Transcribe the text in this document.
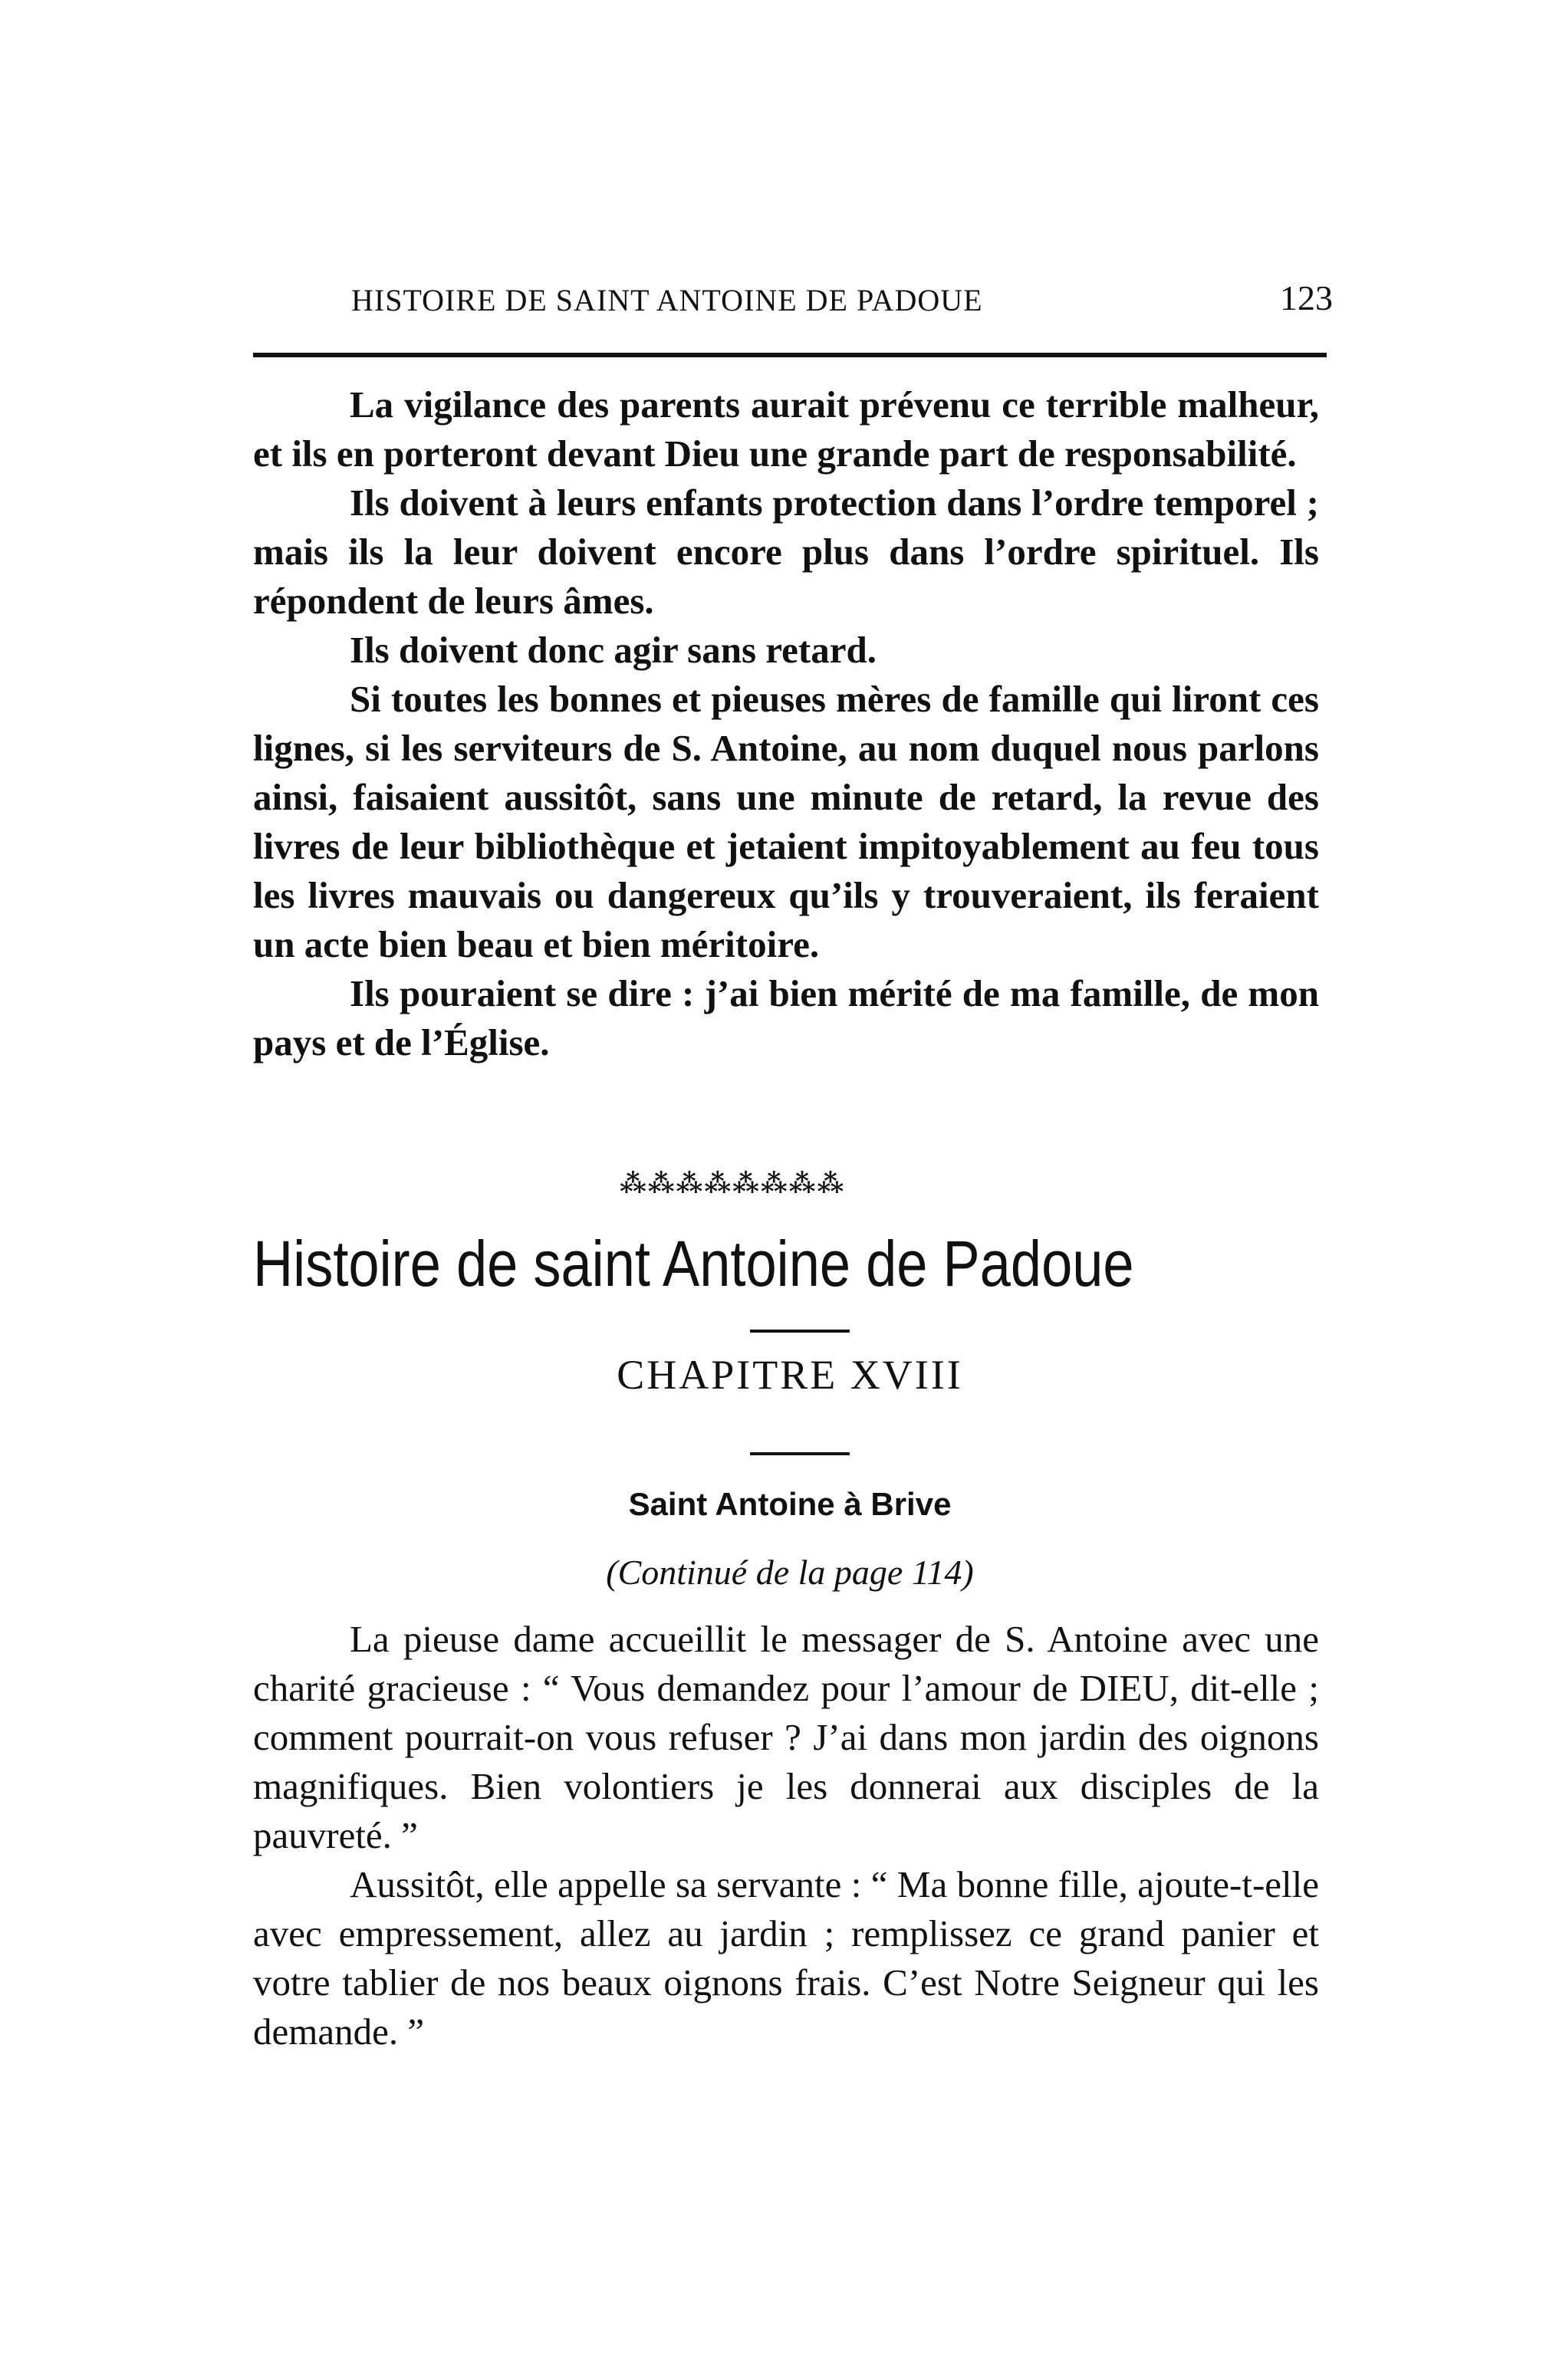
HISTOIRE DE SAINT ANTOINE DE PADOUE	123

La vigilance des parents aurait prévenu ce terrible malheur, et ils en porteront devant Dieu une grande part de responsabilité.

Ils doivent à leurs enfants protection dans l’ordre temporel ; mais ils la leur doivent encore plus dans l’ordre spirituel. Ils répondent de leurs âmes.

Ils doivent donc agir sans retard.

Si toutes les bonnes et pieuses mères de famille qui liront ces lignes, si les serviteurs de S. Antoine, au nom duquel nous parlons ainsi, faisaient aussitôt, sans une minute de retard, la revue des livres de leur bibliothèque et jetaient impitoyablement au feu tous les livres mauvais ou dangereux qu’ils y trouveraient, ils feraient un acte bien beau et bien méritoire.

Ils pouraient se dire : j’ai bien mérité de ma famille, de mon pays et de l’Église.

⁂⁂⁂⁂⁂⁂⁂⁂
Histoire de saint Antoine de Padoue
CHAPITRE XVIII
Saint Antoine à Brive
(Continué de la page 114)

La pieuse dame accueillit le messager de S. Antoine avec une charité gracieuse : “ Vous demandez pour l’amour de DIEU, dit-elle ; comment pourrait-on vous refuser ? J’ai dans mon jardin des oignons magnifiques. Bien volontiers je les donnerai aux disciples de la pauvreté. ”

Aussitôt, elle appelle sa servante : “ Ma bonne fille, ajoute-t-elle avec empressement, allez au jardin ; remplissez ce grand panier et votre tablier de nos beaux oignons frais. C’est Notre Seigneur qui les demande. ”
